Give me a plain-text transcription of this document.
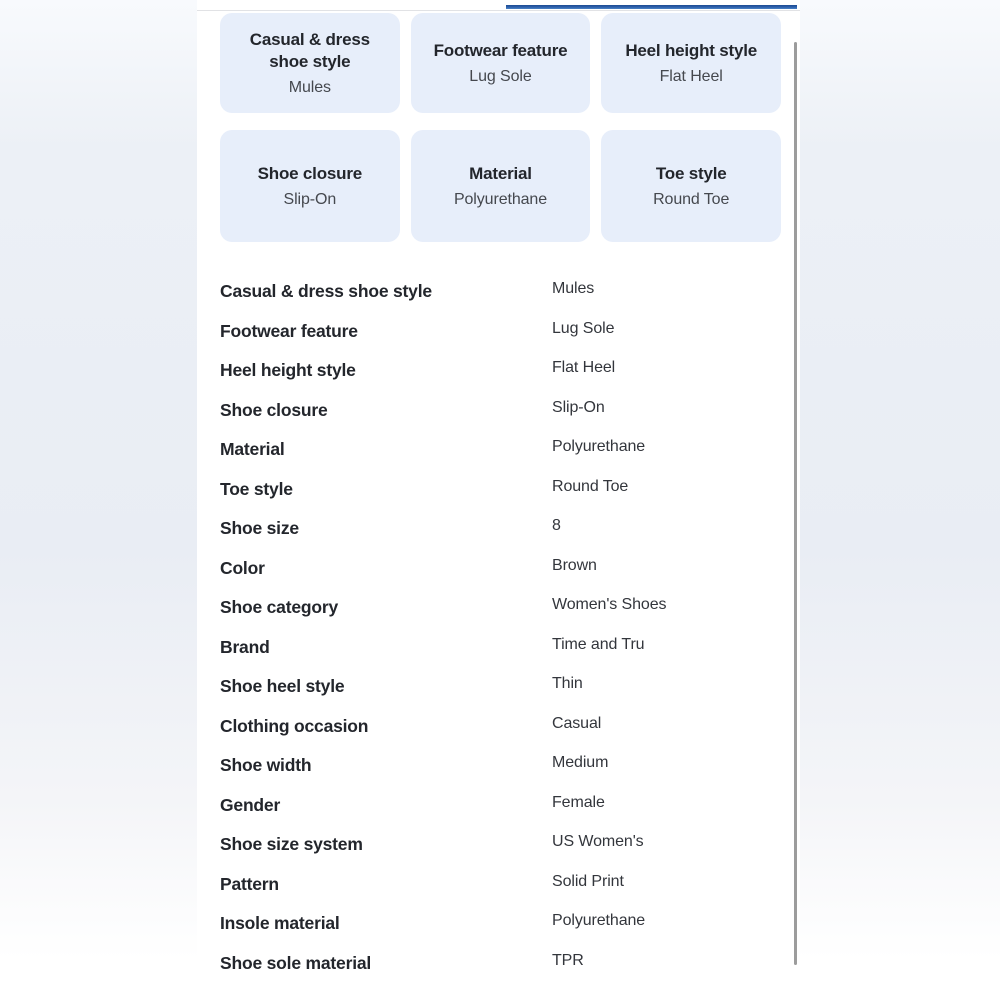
Casual & dress shoe style
Mules
Footwear feature
Lug Sole
Heel height style
Flat Heel
Shoe closure
Slip-On
Material
Polyurethane
Toe style
Round Toe
Casual & dress shoe style	Mules
Footwear feature	Lug Sole
Heel height style	Flat Heel
Shoe closure	Slip-On
Material	Polyurethane
Toe style	Round Toe
Shoe size	8
Color	Brown
Shoe category	Women's Shoes
Brand	Time and Tru
Shoe heel style	Thin
Clothing occasion	Casual
Shoe width	Medium
Gender	Female
Shoe size system	US Women's
Pattern	Solid Print
Insole material	Polyurethane
Shoe sole material	TPR
